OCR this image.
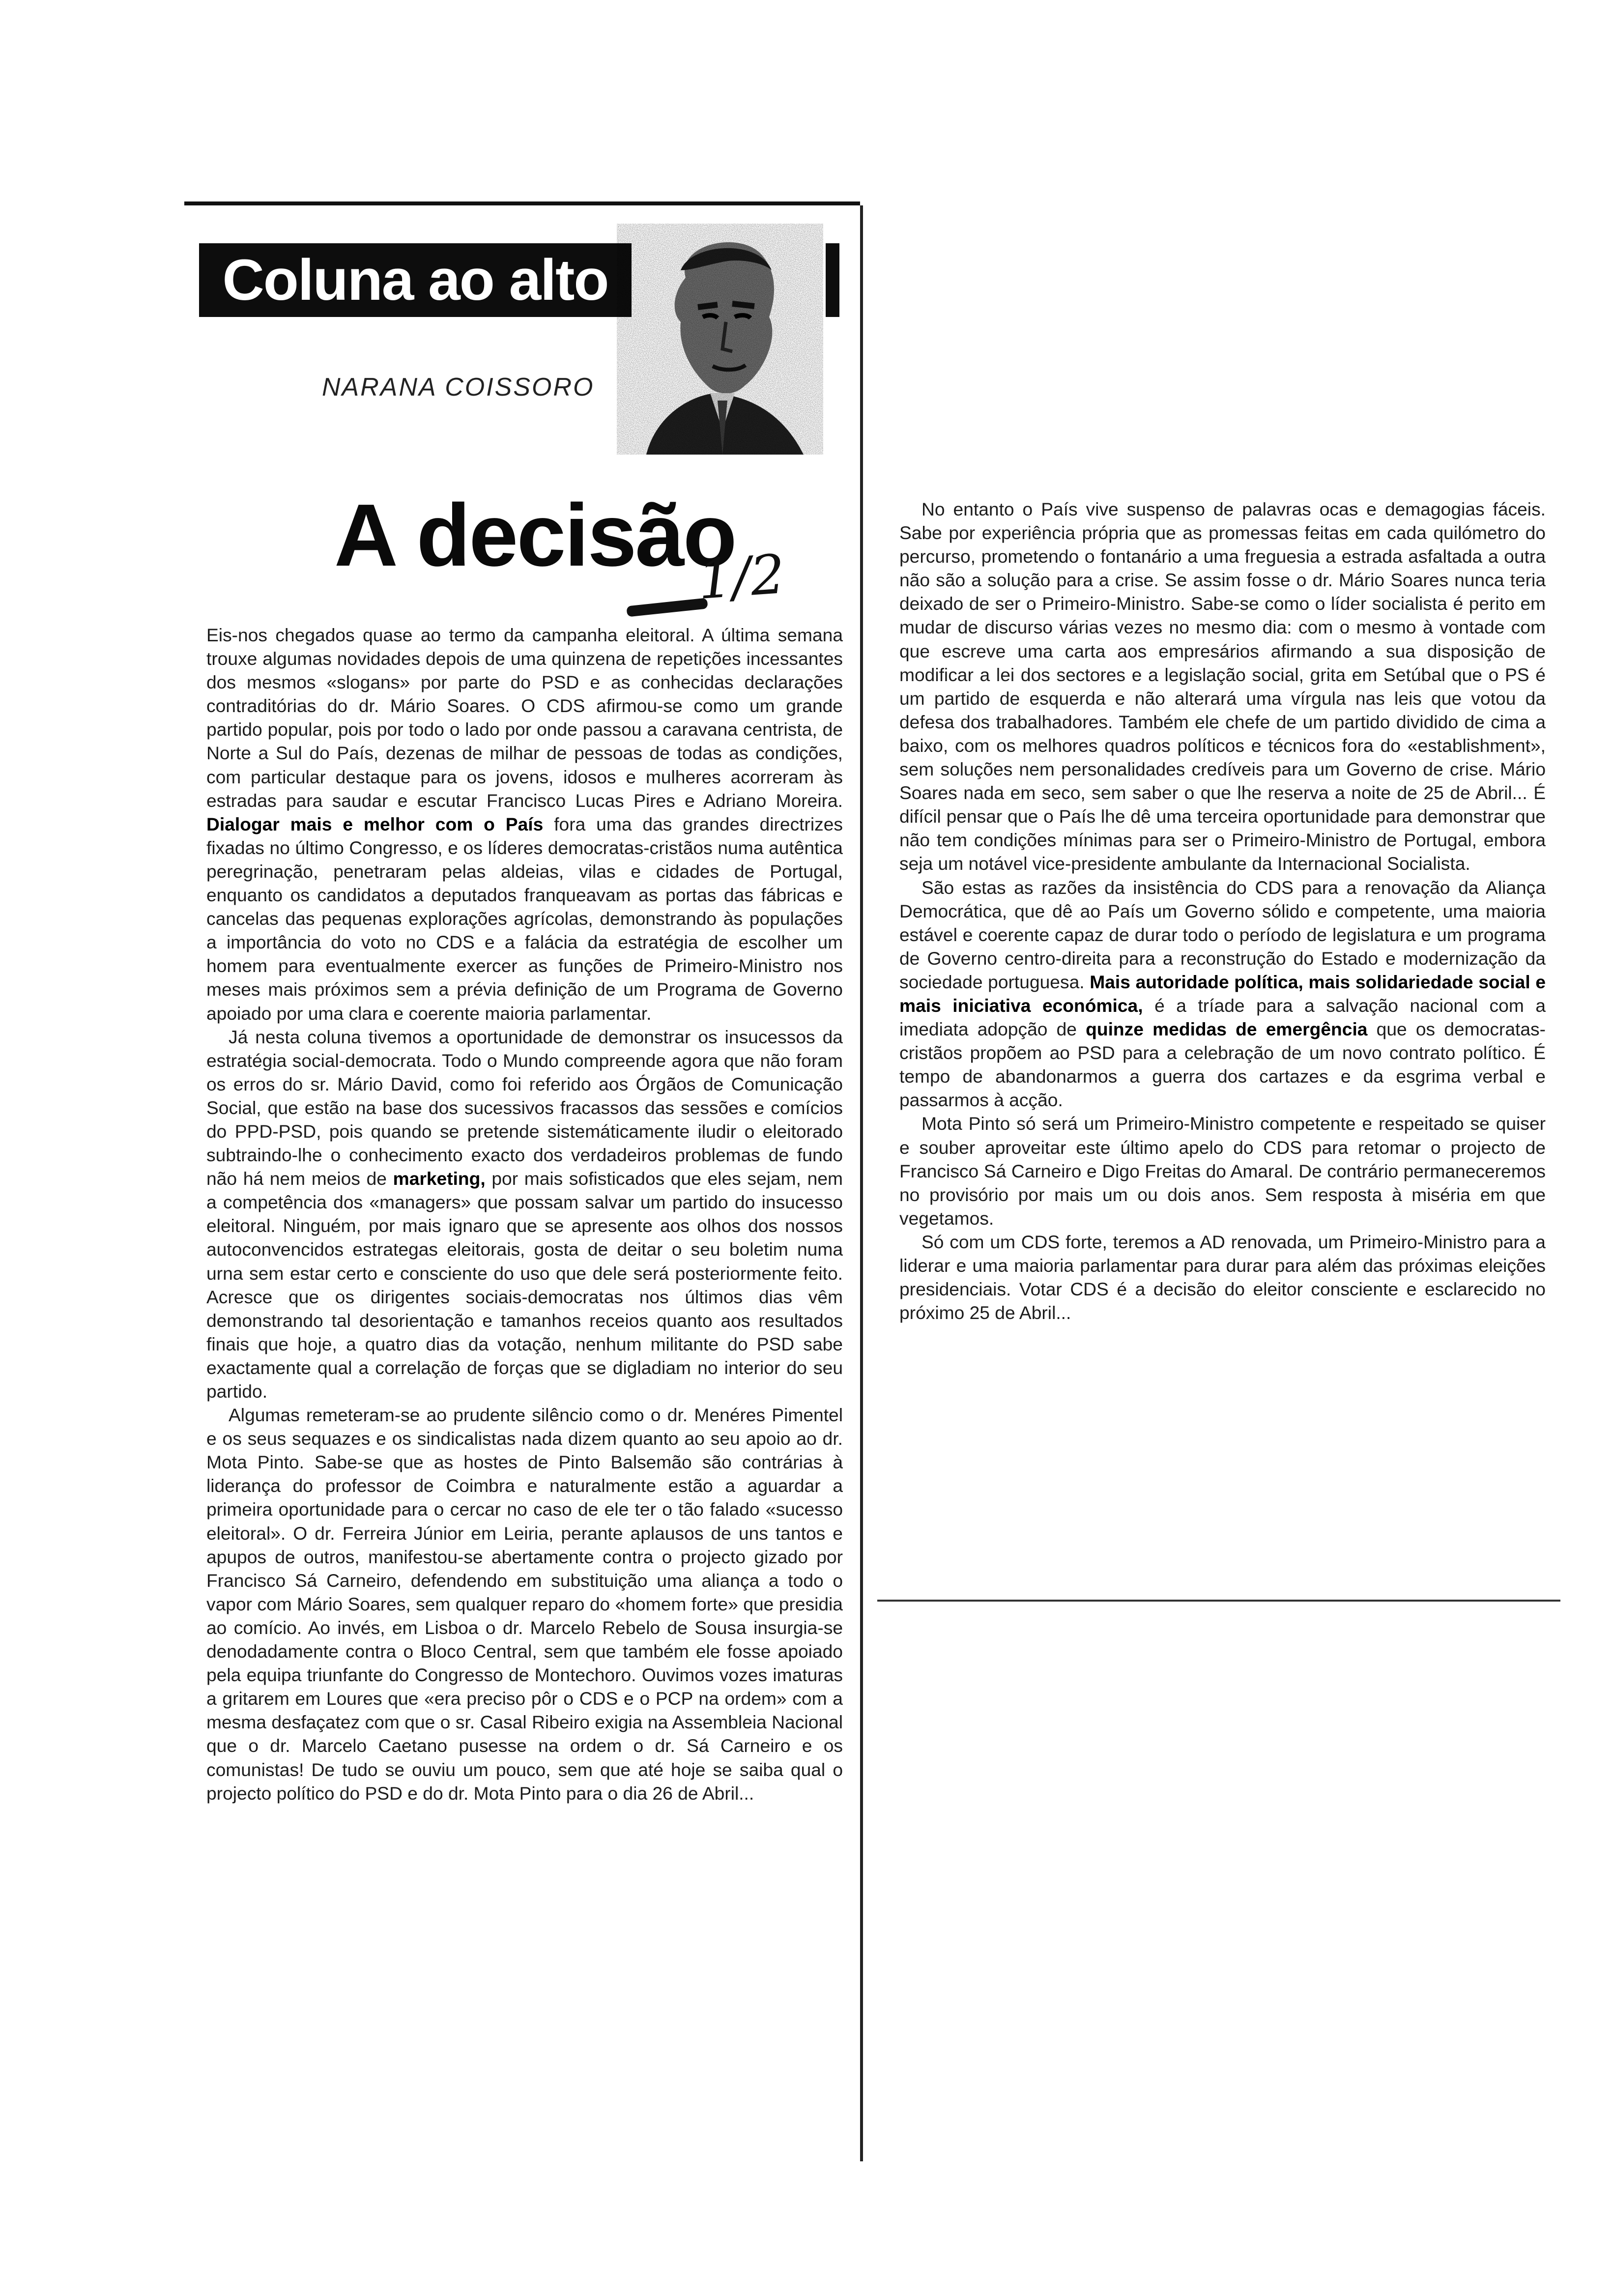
Coluna ao alto
NARANA COISSORO
A decisão
1/2

Eis-nos chegados quase ao termo da campanha eleitoral. A última semana trouxe algumas novidades depois de uma quinzena de repetições incessantes dos mesmos «slogans» por parte do PSD e as conhecidas declarações contraditórias do dr. Mário Soares. O CDS afirmou-se como um grande partido popular, pois por todo o lado por onde passou a caravana centrista, de Norte a Sul do País, dezenas de milhar de pessoas de todas as condições, com particular destaque para os jovens, idosos e mulheres acorreram às estradas para saudar e escutar Francisco Lucas Pires e Adriano Moreira. Dialogar mais e melhor com o País fora uma das grandes directrizes fixadas no último Congresso, e os líderes democratas-cristãos numa autêntica peregrinação, penetraram pelas aldeias, vilas e cidades de Portugal, enquanto os candidatos a deputados franqueavam as portas das fábricas e cancelas das pequenas explorações agrícolas, demonstrando às populações a importância do voto no CDS e a falácia da estratégia de escolher um homem para eventualmente exercer as funções de Primeiro-Ministro nos meses mais próximos sem a prévia definição de um Programa de Governo apoiado por uma clara e coerente maioria parlamentar.

Já nesta coluna tivemos a oportunidade de demonstrar os insucessos da estratégia social-democrata. Todo o Mundo compreende agora que não foram os erros do sr. Mário David, como foi referido aos Órgãos de Comunicação Social, que estão na base dos sucessivos fracassos das sessões e comícios do PPD-PSD, pois quando se pretende sistemáticamente iludir o eleitorado subtraindo-lhe o conhecimento exacto dos verdadeiros problemas de fundo não há nem meios de marketing, por mais sofisticados que eles sejam, nem a competência dos «managers» que possam salvar um partido do insucesso eleitoral. Ninguém, por mais ignaro que se apresente aos olhos dos nossos autoconvencidos estrategas eleitorais, gosta de deitar o seu boletim numa urna sem estar certo e consciente do uso que dele será posteriormente feito. Acresce que os dirigentes sociais-democratas nos últimos dias vêm demonstrando tal desorientação e tamanhos receios quanto aos resultados finais que hoje, a quatro dias da votação, nenhum militante do PSD sabe exactamente qual a correlação de forças que se digladiam no interior do seu partido.

Algumas remeteram-se ao prudente silêncio como o dr. Menéres Pimentel e os seus sequazes e os sindicalistas nada dizem quanto ao seu apoio ao dr. Mota Pinto. Sabe-se que as hostes de Pinto Balsemão são contrárias à liderança do professor de Coimbra e naturalmente estão a aguardar a primeira oportunidade para o cercar no caso de ele ter o tão falado «sucesso eleitoral». O dr. Ferreira Júnior em Leiria, perante aplausos de uns tantos e apupos de outros, manifestou-se abertamente contra o projecto gizado por Francisco Sá Carneiro, defendendo em substituição uma aliança a todo o vapor com Mário Soares, sem qualquer reparo do «homem forte» que presidia ao comício. Ao invés, em Lisboa o dr. Marcelo Rebelo de Sousa insurgia-se denodadamente contra o Bloco Central, sem que também ele fosse apoiado pela equipa triunfante do Congresso de Montechoro. Ouvimos vozes imaturas a gritarem em Loures que «era preciso pôr o CDS e o PCP na ordem» com a mesma desfaçatez com que o sr. Casal Ribeiro exigia na Assembleia Nacional que o dr. Marcelo Caetano pusesse na ordem o dr. Sá Carneiro e os comunistas! De tudo se ouviu um pouco, sem que até hoje se saiba qual o projecto político do PSD e do dr. Mota Pinto para o dia 26 de Abril...

No entanto o País vive suspenso de palavras ocas e demagogias fáceis. Sabe por experiência própria que as promessas feitas em cada quilómetro do percurso, prometendo o fontanário a uma freguesia a estrada asfaltada a outra não são a solução para a crise. Se assim fosse o dr. Mário Soares nunca teria deixado de ser o Primeiro-Ministro. Sabe-se como o líder socialista é perito em mudar de discurso várias vezes no mesmo dia: com o mesmo à vontade com que escreve uma carta aos empresários afirmando a sua disposição de modificar a lei dos sectores e a legislação social, grita em Setúbal que o PS é um partido de esquerda e não alterará uma vírgula nas leis que votou da defesa dos trabalhadores. Também ele chefe de um partido dividido de cima a baixo, com os melhores quadros políticos e técnicos fora do «establishment», sem soluções nem personalidades credíveis para um Governo de crise. Mário Soares nada em seco, sem saber o que lhe reserva a noite de 25 de Abril... É difícil pensar que o País lhe dê uma terceira oportunidade para demonstrar que não tem condições mínimas para ser o Primeiro-Ministro de Portugal, embora seja um notável vice-presidente ambulante da Internacional Socialista.

São estas as razões da insistência do CDS para a renovação da Aliança Democrática, que dê ao País um Governo sólido e competente, uma maioria estável e coerente capaz de durar todo o período de legislatura e um programa de Governo centro-direita para a reconstrução do Estado e modernização da sociedade portuguesa. Mais autoridade política, mais solidariedade social e mais iniciativa económica, é a tríade para a salvação nacional com a imediata adopção de quinze medidas de emergência que os democratas-cristãos propõem ao PSD para a celebração de um novo contrato político. É tempo de abandonarmos a guerra dos cartazes e da esgrima verbal e passarmos à acção.

Mota Pinto só será um Primeiro-Ministro competente e respeitado se quiser e souber aproveitar este último apelo do CDS para retomar o projecto de Francisco Sá Carneiro e Digo Freitas do Amaral. De contrário permaneceremos no provisório por mais um ou dois anos. Sem resposta à miséria em que vegetamos.

Só com um CDS forte, teremos a AD renovada, um Primeiro-Ministro para a liderar e uma maioria parlamentar para durar para além das próximas eleições presidenciais. Votar CDS é a decisão do eleitor consciente e esclarecido no próximo 25 de Abril...
